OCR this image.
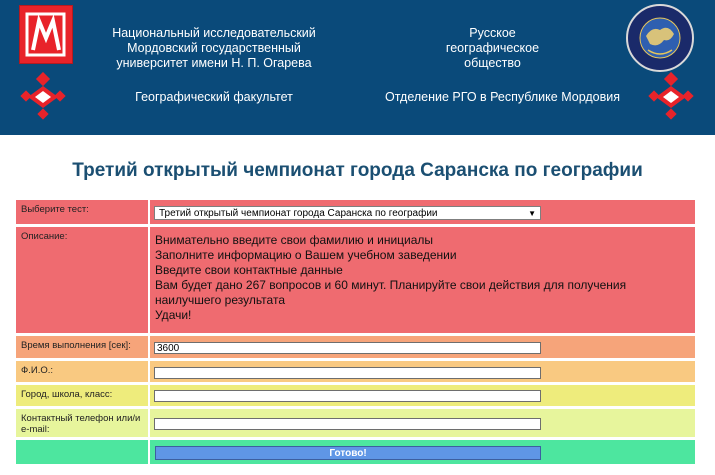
Национальный исследовательский
Мордовский государственный
университет имени Н. П. Огарева
Географический факультет
Русское
географическое
общество
Отделение РГО в Республике Мордовия
Третий открытый чемпионат города Саранска по географии
Выберите тест:	Третий открытый чемпионат города Саранска по географии	▼
Описание:	Внимательно введите свои фамилию и инициалы
Заполните информацию о Вашем учебном заведении
Введите свои контактные данные
Вам будет дано 267 вопросов и 60 минут. Планируйте свои действия для получения
наилучшего результата
Удачи!
Время выполнения [сек]:	3600
Ф.И.О.:
Город, школа, класс:
Контактный телефон или/и e-mail:
Готово!
